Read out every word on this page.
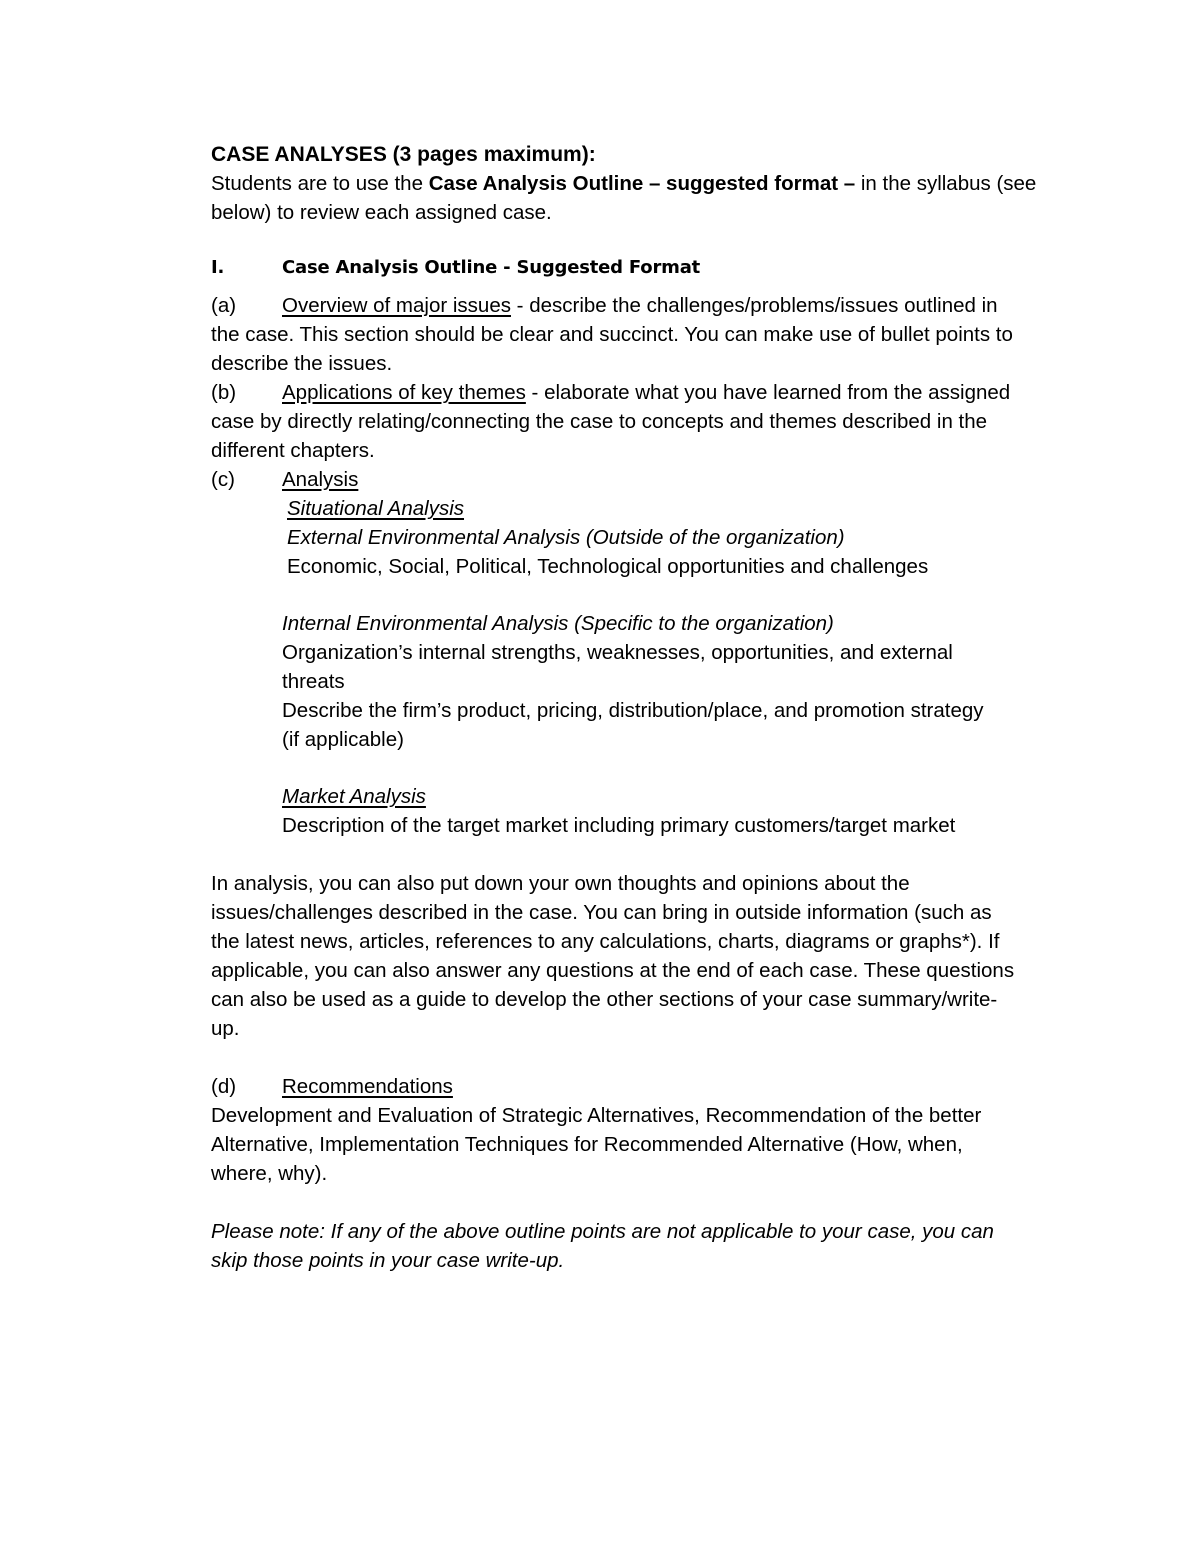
CASE ANALYSES (3 pages maximum):
Students are to use the Case Analysis Outline – suggested format – in the syllabus (see
below) to review each assigned case.
I.	Case Analysis Outline - Suggested Format
(a)	Overview of major issues - describe the challenges/problems/issues outlined in
the case. This section should be clear and succinct. You can make use of bullet points to
describe the issues.
(b)	Applications of key themes - elaborate what you have learned from the assigned
case by directly relating/connecting the case to concepts and themes described in the
different chapters.
(c)	Analysis
Situational Analysis
External Environmental Analysis (Outside of the organization)
Economic, Social, Political, Technological opportunities and challenges
Internal Environmental Analysis (Specific to the organization)
Organization’s internal strengths, weaknesses, opportunities, and external
threats
Describe the firm’s product, pricing, distribution/place, and promotion strategy
(if applicable)
Market Analysis
Description of the target market including primary customers/target market
In analysis, you can also put down your own thoughts and opinions about the
issues/challenges described in the case. You can bring in outside information (such as
the latest news, articles, references to any calculations, charts, diagrams or graphs*). If
applicable, you can also answer any questions at the end of each case. These questions
can also be used as a guide to develop the other sections of your case summary/write-
up.
(d)	Recommendations
Development and Evaluation of Strategic Alternatives, Recommendation of the better
Alternative, Implementation Techniques for Recommended Alternative (How, when,
where, why).
Please note: If any of the above outline points are not applicable to your case, you can
skip those points in your case write-up.
